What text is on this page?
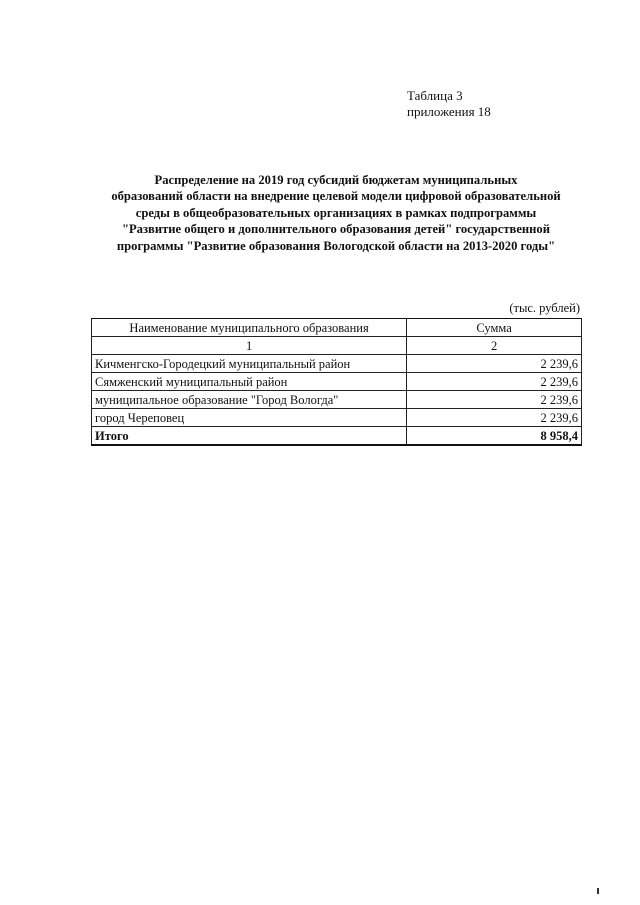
Таблица 3
приложения 18
Распределение на 2019 год субсидий бюджетам муниципальных
образований области на внедрение целевой модели цифровой образовательной
среды в общеобразовательных организациях в рамках подпрограммы
"Развитие общего и дополнительного образования детей" государственной
программы "Развитие образования Вологодской области на 2013-2020 годы"
(тыс. рублей)
Наименование муниципального образования	Сумма
1	2
Кичменгско-Городецкий муниципальный район	2 239,6
Сямженский муниципальный район	2 239,6
муниципальное образование "Город Вологда"	2 239,6
город Череповец	2 239,6
Итого	8 958,4
